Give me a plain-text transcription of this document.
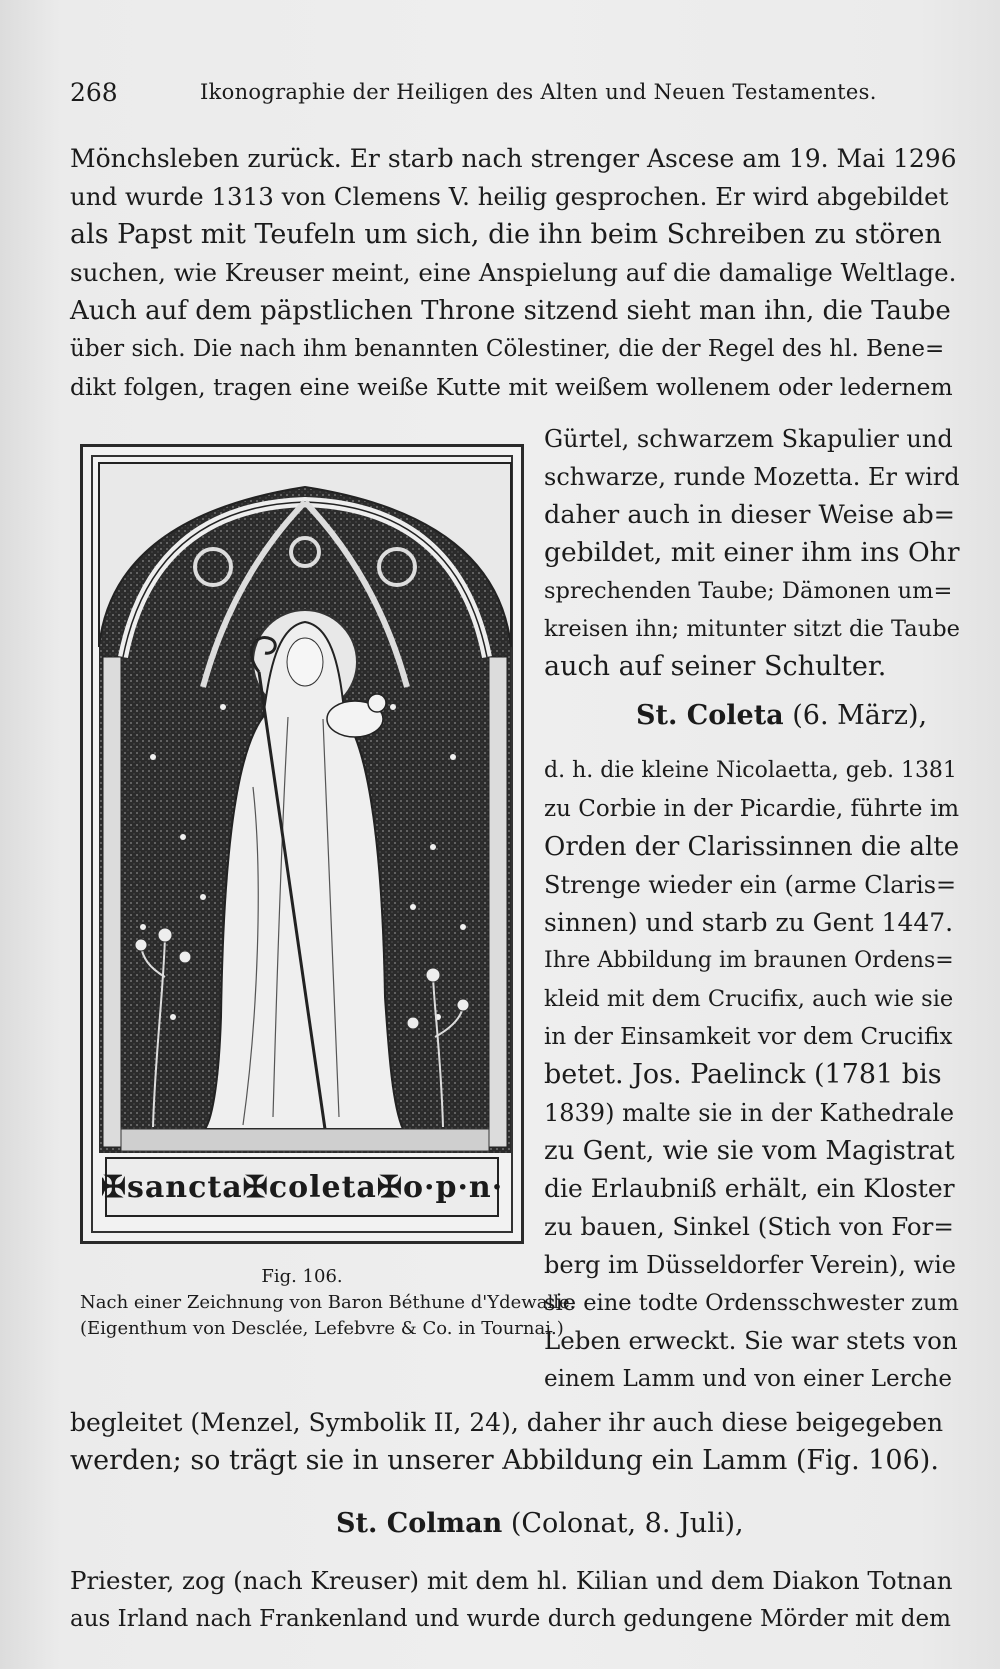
268	Ikonographie der Heiligen des Alten und Neuen Testamentes.
Mönchsleben zurück. Er starb nach strenger Ascese am 19. Mai 1296
und wurde 1313 von Clemens V. heilig gesprochen. Er wird abgebildet
als Papst mit Teufeln um sich, die ihn beim Schreiben zu stören
suchen, wie Kreuser meint, eine Anspielung auf die damalige Weltlage.
Auch auf dem päpstlichen Throne sitzend sieht man ihn, die Taube
über sich. Die nach ihm benannten Cölestiner, die der Regel des hl. Bene=
dikt folgen, tragen eine weiße Kutte mit weißem wollenem oder ledernem
✠sancta✠coleta✠o·p·n·
Fig. 106.
Nach einer Zeichnung von Baron Béthune d'Ydewalle.
(Eigenthum von Desclée, Lefebvre & Co. in Tournai.)
Gürtel, schwarzem Skapulier und
schwarze, runde Mozetta. Er wird
daher auch in dieser Weise ab=
gebildet, mit einer ihm ins Ohr
sprechenden Taube; Dämonen um=
kreisen ihn; mitunter sitzt die Taube
auch auf seiner Schulter.
St. Coleta (6. März),
d. h. die kleine Nicolaetta, geb. 1381
zu Corbie in der Picardie, führte im
Orden der Clarissinnen die alte
Strenge wieder ein (arme Claris=
sinnen) und starb zu Gent 1447.
Ihre Abbildung im braunen Ordens=
kleid mit dem Crucifix, auch wie sie
in der Einsamkeit vor dem Crucifix
betet. Jos. Paelinck (1781 bis
1839) malte sie in der Kathedrale
zu Gent, wie sie vom Magistrat
die Erlaubniß erhält, ein Kloster
zu bauen, Sinkel (Stich von For=
berg im Düsseldorfer Verein), wie
sie eine todte Ordensschwester zum
Leben erweckt. Sie war stets von
einem Lamm und von einer Lerche
begleitet (Menzel, Symbolik II, 24), daher ihr auch diese beigegeben
werden; so trägt sie in unserer Abbildung ein Lamm (Fig. 106).
St. Colman (Colonat, 8. Juli),
Priester, zog (nach Kreuser) mit dem hl. Kilian und dem Diakon Totnan
aus Irland nach Frankenland und wurde durch gedungene Mörder mit dem
